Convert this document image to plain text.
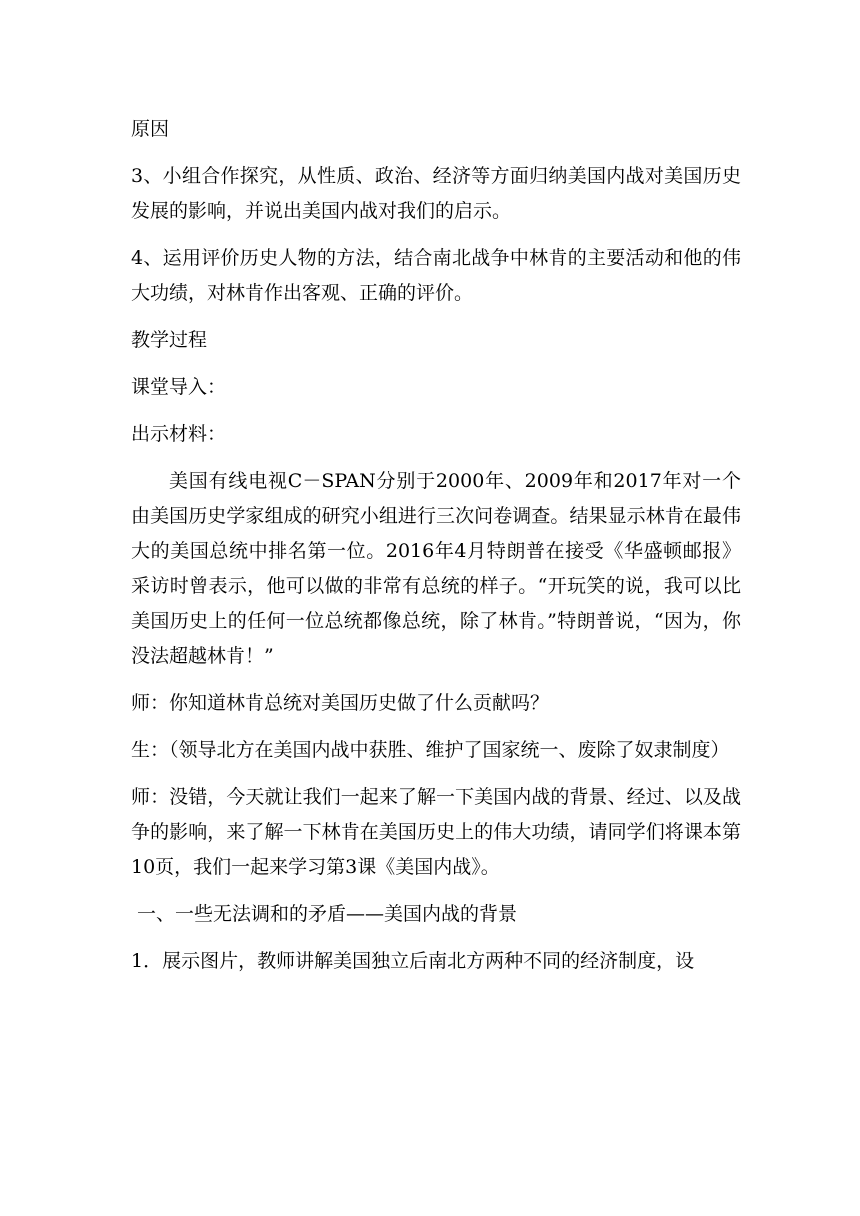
原因

3、小组合作探究，从性质、政治、经济等方面归纳美国内战对美国历史发展的影响，并说出美国内战对我们的启示。

4、运用评价历史人物的方法，结合南北战争中林肯的主要活动和他的伟大功绩，对林肯作出客观、正确的评价。

教学过程

课堂导入：

出示材料：

美国有线电视C－SPAN分别于2000年、2009年和2017年对一个由美国历史学家组成的研究小组进行三次问卷调查。结果显示林肯在最伟大的美国总统中排名第一位。2016年4月特朗普在接受《华盛顿邮报》采访时曾表示，他可以做的非常有总统的样子。“开玩笑的说，我可以比美国历史上的任何一位总统都像总统，除了林肯。”特朗普说，“因为，你没法超越林肯！”

师：你知道林肯总统对美国历史做了什么贡献吗？

生：（领导北方在美国内战中获胜、维护了国家统一、废除了奴隶制度）

师：没错，今天就让我们一起来了解一下美国内战的背景、经过、以及战争的影响，来了解一下林肯在美国历史上的伟大功绩，请同学们将课本第10页，我们一起来学习第3课《美国内战》。

一、一些无法调和的矛盾——美国内战的背景

1．展示图片，教师讲解美国独立后南北方两种不同的经济制度，设
